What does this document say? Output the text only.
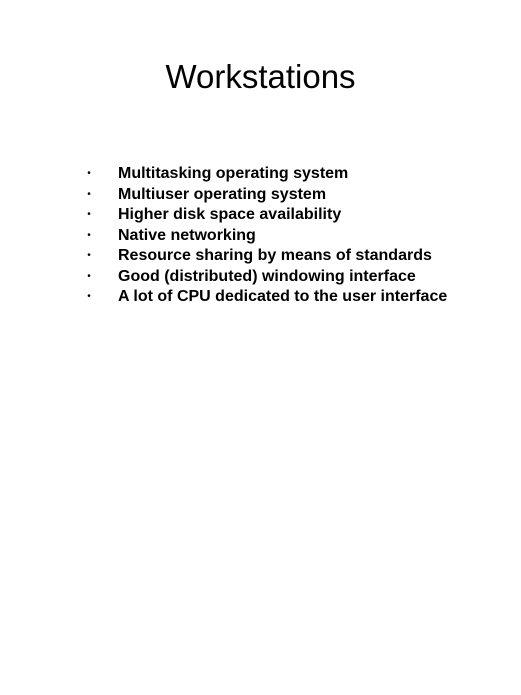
Workstations
• Multitasking operating system
• Multiuser operating system
• Higher disk space availability
• Native networking
• Resource sharing by means of standards
• Good (distributed) windowing interface
• A lot of CPU dedicated to the user interface
